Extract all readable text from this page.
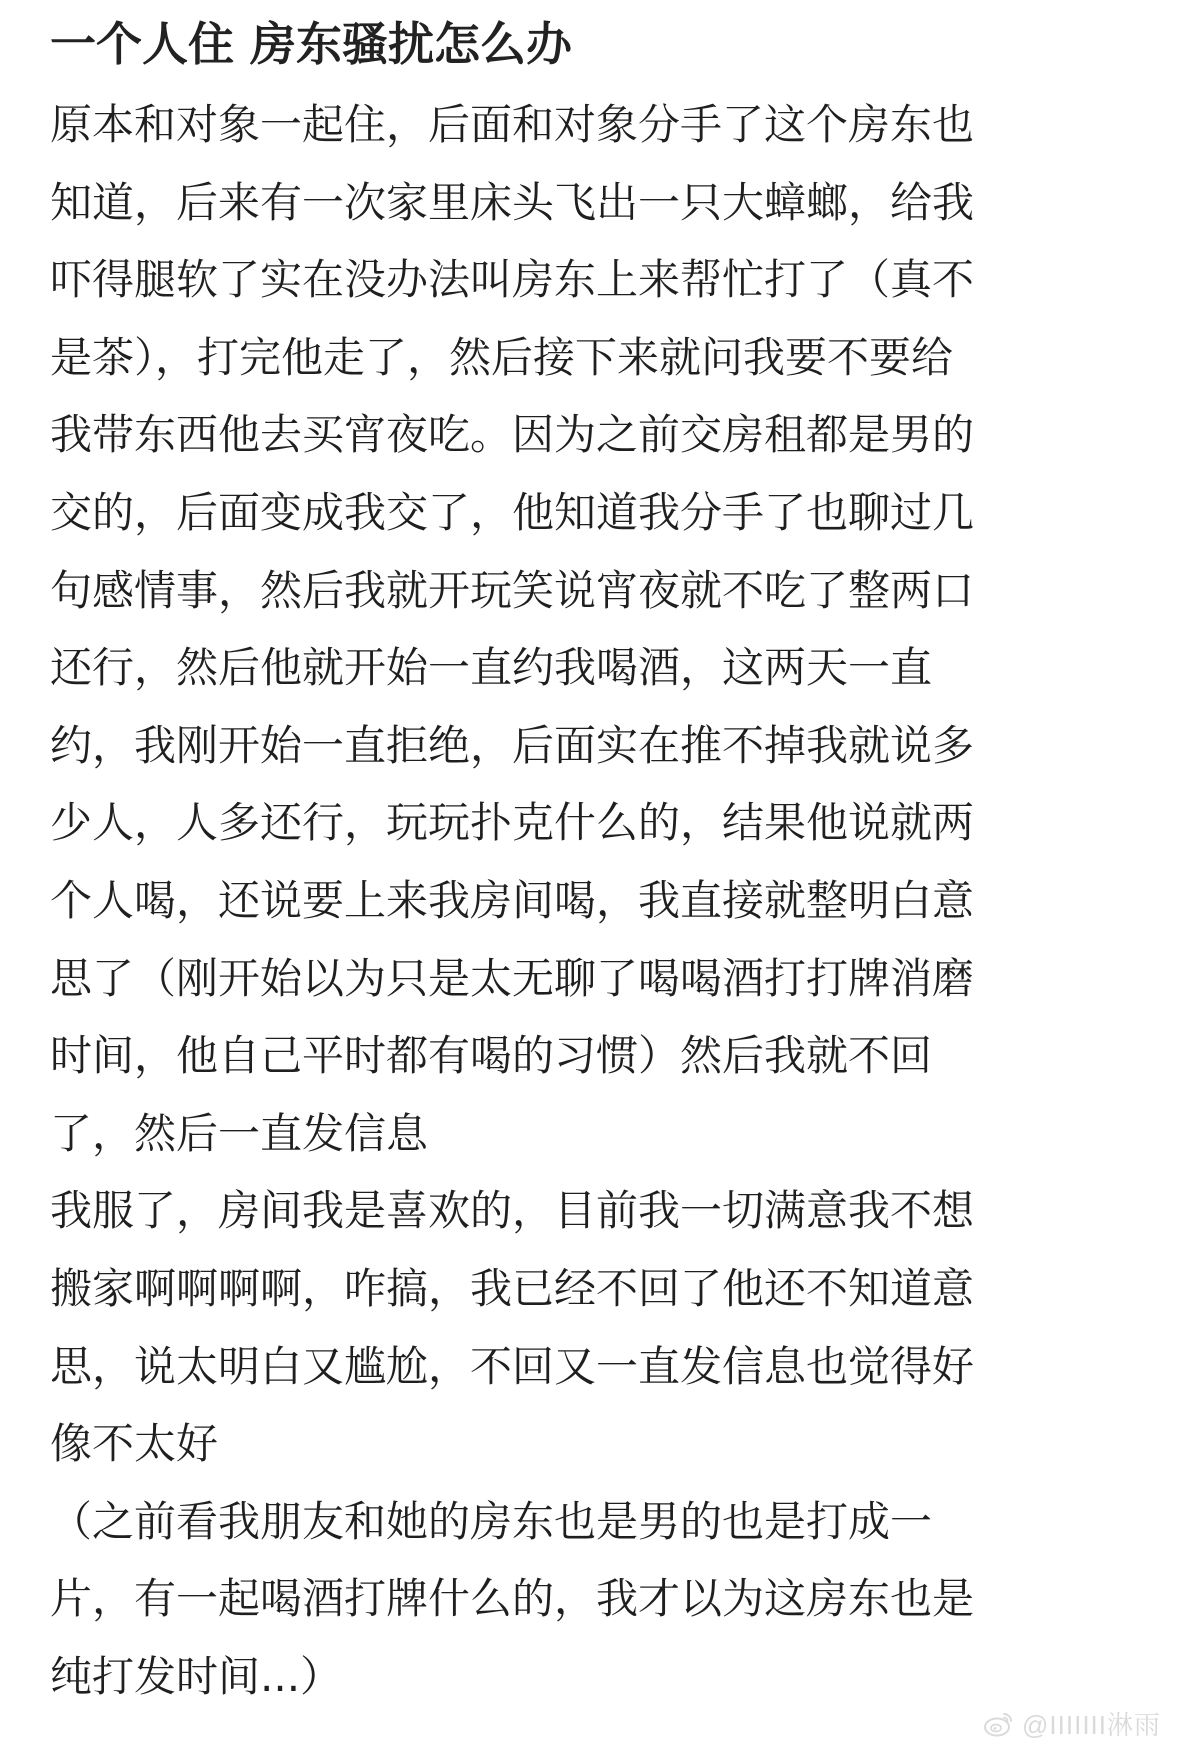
一个人住 房东骚扰怎么办
原本和对象一起住，后面和对象分手了这个房东也
知道，后来有一次家里床头飞出一只大蟑螂，给我
吓得腿软了实在没办法叫房东上来帮忙打了（真不
是茶），打完他走了，然后接下来就问我要不要给
我带东西他去买宵夜吃。因为之前交房租都是男的
交的，后面变成我交了，他知道我分手了也聊过几
句感情事，然后我就开玩笑说宵夜就不吃了整两口
还行，然后他就开始一直约我喝酒，这两天一直
约，我刚开始一直拒绝，后面实在推不掉我就说多
少人，人多还行，玩玩扑克什么的，结果他说就两
个人喝，还说要上来我房间喝，我直接就整明白意
思了（刚开始以为只是太无聊了喝喝酒打打牌消磨
时间，他自己平时都有喝的习惯）然后我就不回
了，然后一直发信息
我服了，房间我是喜欢的，目前我一切满意我不想
搬家啊啊啊啊，咋搞，我已经不回了他还不知道意
思，说太明白又尴尬，不回又一直发信息也觉得好
像不太好
（之前看我朋友和她的房东也是男的也是打成一
片，有一起喝酒打牌什么的，我才以为这房东也是
纯打发时间...）
@IIIIIII淋雨
